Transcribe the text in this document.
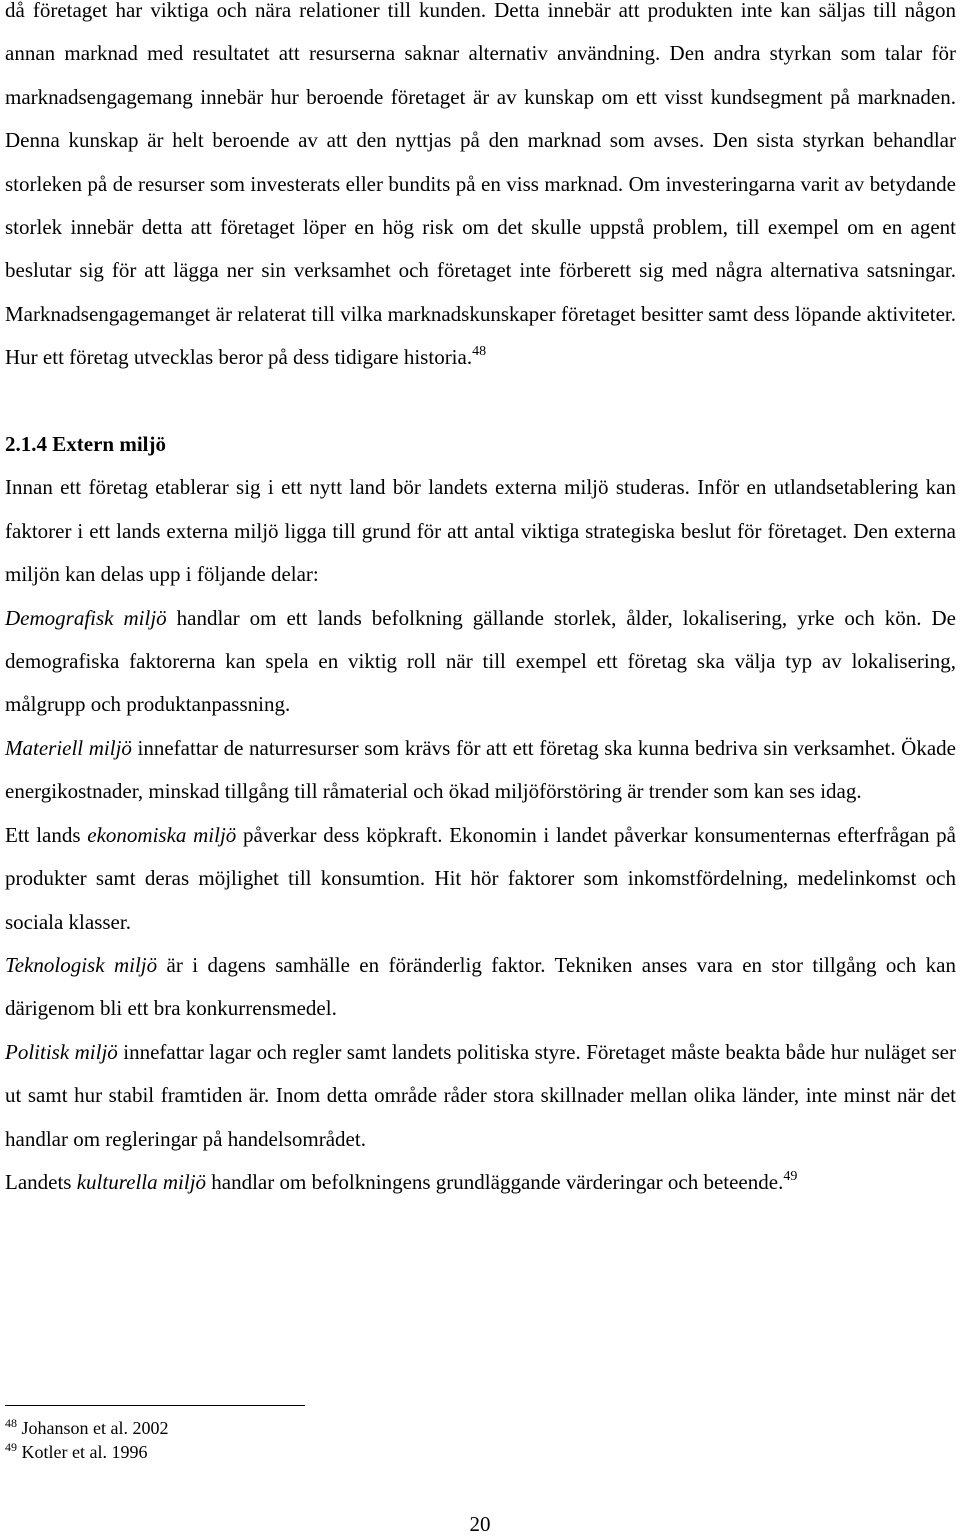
då företaget har viktiga och nära relationer till kunden. Detta innebär att produkten inte kan säljas till någon annan marknad med resultatet att resurserna saknar alternativ användning. Den andra styrkan som talar för marknadsengagemang innebär hur beroende företaget är av kunskap om ett visst kundsegment på marknaden. Denna kunskap är helt beroende av att den nyttjas på den marknad som avses. Den sista styrkan behandlar storleken på de resurser som investerats eller bundits på en viss marknad. Om investeringarna varit av betydande storlek innebär detta att företaget löper en hög risk om det skulle uppstå problem, till exempel om en agent beslutar sig för att lägga ner sin verksamhet och företaget inte förberett sig med några alternativa satsningar. Marknadsengagemanget är relaterat till vilka marknadskunskaper företaget besitter samt dess löpande aktiviteter. Hur ett företag utvecklas beror på dess tidigare historia.$^{48}$

2.1.4 Extern miljö

Innan ett företag etablerar sig i ett nytt land bör landets externa miljö studeras. Inför en utlandsetablering kan faktorer i ett lands externa miljö ligga till grund för att antal viktiga strategiska beslut för företaget. Den externa miljön kan delas upp i följande delar:

Demografisk miljö handlar om ett lands befolkning gällande storlek, ålder, lokalisering, yrke och kön. De demografiska faktorerna kan spela en viktig roll när till exempel ett företag ska välja typ av lokalisering, målgrupp och produktanpassning.

Materiell miljö innefattar de naturresurser som krävs för att ett företag ska kunna bedriva sin verksamhet. Ökade energikostnader, minskad tillgång till råmaterial och ökad miljöförstöring är trender som kan ses idag.

Ett lands ekonomiska miljö påverkar dess köpkraft. Ekonomin i landet påverkar konsumenternas efterfrågan på produkter samt deras möjlighet till konsumtion. Hit hör faktorer som inkomstfördelning, medelinkomst och sociala klasser.

Teknologisk miljö är i dagens samhälle en föränderlig faktor. Tekniken anses vara en stor tillgång och kan därigenom bli ett bra konkurrensmedel.

Politisk miljö innefattar lagar och regler samt landets politiska styre. Företaget måste beakta både hur nuläget ser ut samt hur stabil framtiden är. Inom detta område råder stora skillnader mellan olika länder, inte minst när det handlar om regleringar på handelsområdet.

Landets kulturella miljö handlar om befolkningens grundläggande värderingar och beteende.$^{49}$

$^{48}$ Johanson et al. 2002
$^{49}$ Kotler et al. 1996
20
